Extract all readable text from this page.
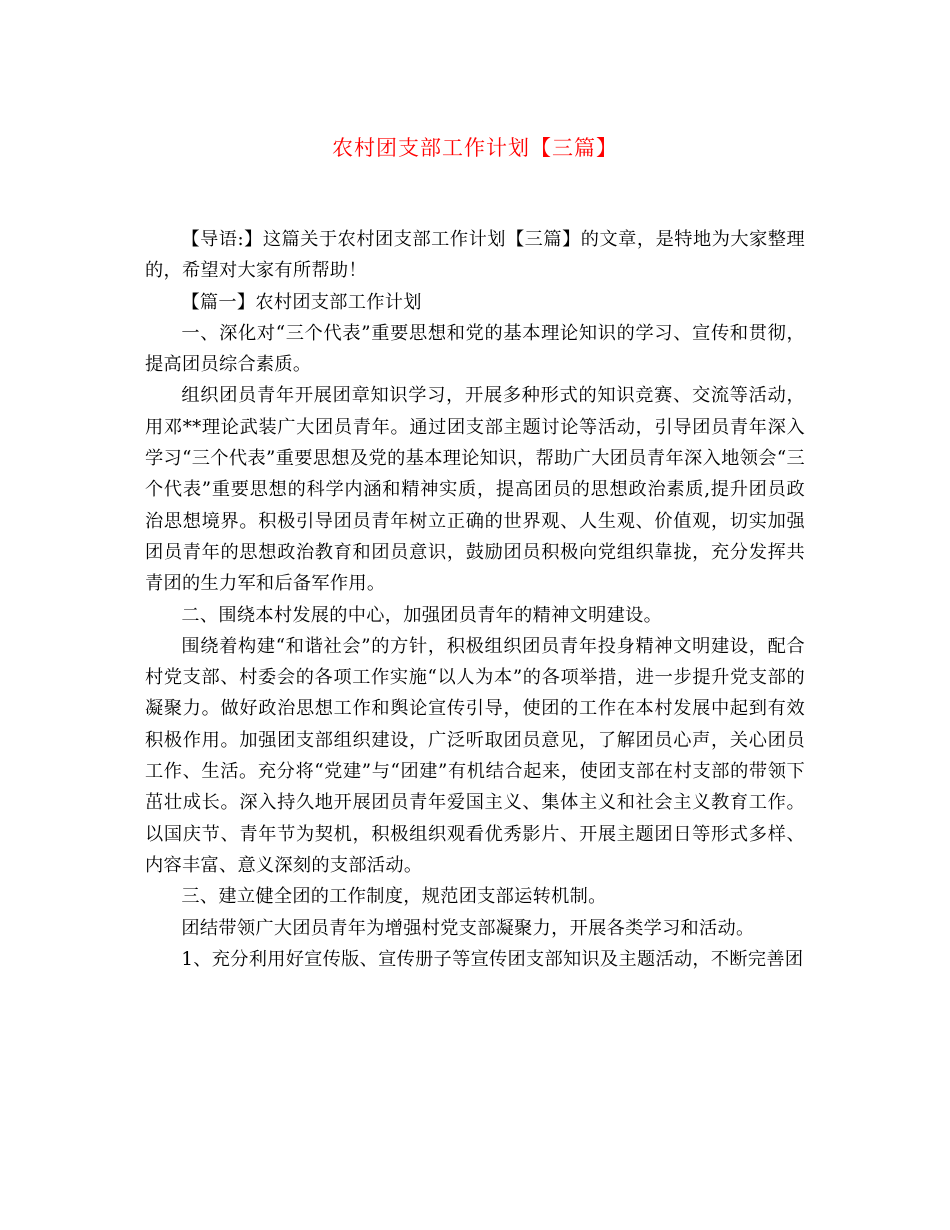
农村团支部工作计划【三篇】

【导语:】这篇关于农村团支部工作计划【三篇】的文章，是特地为大家整理的，希望对大家有所帮助！

【篇一】农村团支部工作计划

一、深化对“三个代表”重要思想和党的基本理论知识的学习、宣传和贯彻，提高团员综合素质。

组织团员青年开展团章知识学习，开展多种形式的知识竞赛、交流等活动，用邓**理论武装广大团员青年。通过团支部主题讨论等活动，引导团员青年深入学习“三个代表”重要思想及党的基本理论知识，帮助广大团员青年深入地领会“三个代表”重要思想的科学内涵和精神实质，提高团员的思想政治素质,提升团员政治思想境界。积极引导团员青年树立正确的世界观、人生观、价值观，切实加强团员青年的思想政治教育和团员意识，鼓励团员积极向党组织靠拢，充分发挥共青团的生力军和后备军作用。

二、围绕本村发展的中心，加强团员青年的精神文明建设。

围绕着构建“和谐社会”的方针，积极组织团员青年投身精神文明建设，配合村党支部、村委会的各项工作实施“以人为本”的各项举措，进一步提升党支部的凝聚力。做好政治思想工作和舆论宣传引导，使团的工作在本村发展中起到有效积极作用。加强团支部组织建设，广泛听取团员意见，了解团员心声，关心团员工作、生活。充分将“党建”与“团建”有机结合起来，使团支部在村支部的带领下茁壮成长。深入持久地开展团员青年爱国主义、集体主义和社会主义教育工作。以国庆节、青年节为契机，积极组织观看优秀影片、开展主题团日等形式多样、内容丰富、意义深刻的支部活动。

三、建立健全团的工作制度，规范团支部运转机制。

团结带领广大团员青年为增强村党支部凝聚力，开展各类学习和活动。

1、充分利用好宣传版、宣传册子等宣传团支部知识及主题活动，不断完善团
